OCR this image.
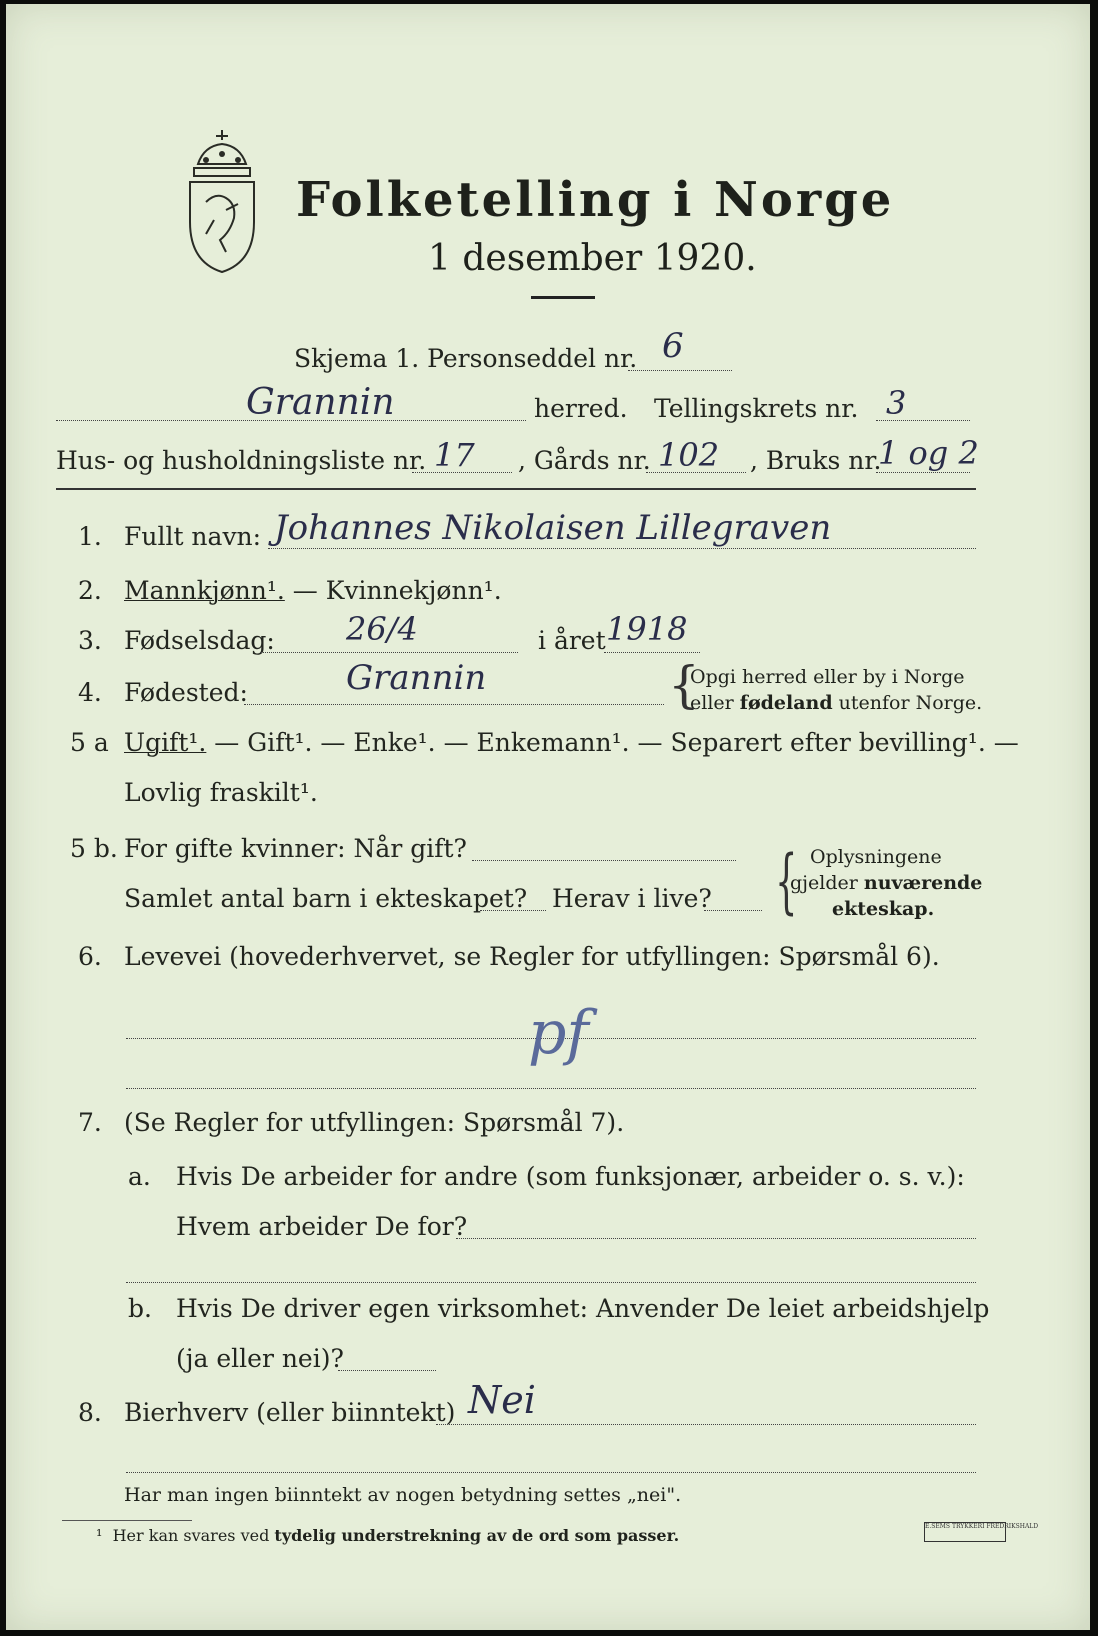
Folketelling i Norge
1 desember 1920.
Skjema 1. Personseddel nr. 6
Grannin	herred. Tellingskrets nr. 3
Hus- og husholdningsliste nr. 17 , Gårds nr. 102 , Bruks nr.
1 og 2
1. Fullt navn: Johannes Nikolaisen Lillegraven
2. Mannkjønn¹. — Kvinnekjønn¹.
3. Fødselsdag: 26/4	i året 1918
4. Fødested:	Grannin	{
Opgi herred eller by i Norge
eller fødeland utenfor Norge.
5 a Ugift¹. — Gift¹. — Enke¹. — Enkemann¹. — Separert efter bevilling¹. —
Lovlig fraskilt¹.
5 b. For gifte kvinner: Når gift?
Samlet antal barn i ekteskapet? Herav i live? { Oplysningene
gjelder nuværende
ekteskap.
6. Levevei (hovederhvervet, se Regler for utfyllingen: Spørsmål 6).
pf
7. (Se Regler for utfyllingen: Spørsmål 7).
a. Hvis De arbeider for andre (som funksjonær, arbeider o. s. v.):
Hvem arbeider De for?
b. Hvis De driver egen virksomhet: Anvender De leiet arbeidshjelp
(ja eller nei)?
8. Bierhverv (eller biinntekt) Nei
Har man ingen biinntekt av nogen betydning settes „nei".
¹ Her kan svares ved tydelig understrekning av de ord som passer.	E.SEMS TRYKKERI FREDRIKSHALD
